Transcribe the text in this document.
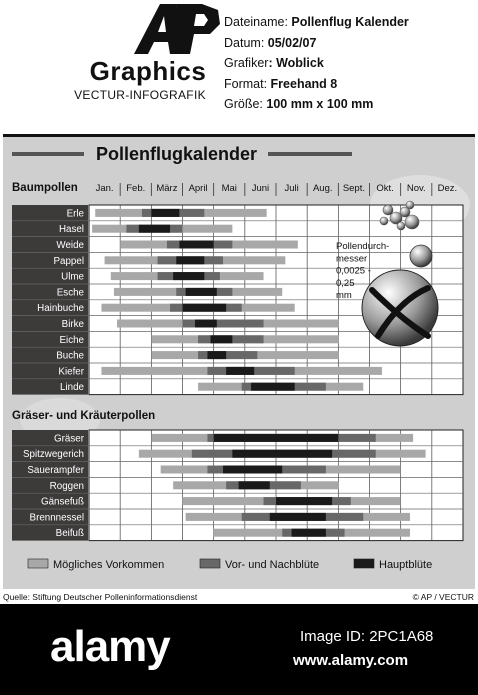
Graphics
VECTUR-INFOGRAFIK
Dateiname: Pollenflug Kalender
Datum: 05/02/07
Grafiker: Woblick
Format: Freehand 8
Größe: 100 mm x 100 mm
Pollenflugkalender
Jan. Feb. März April Mai Juni Juli Aug. Sept. Okt. Nov. Dez.
Baumpollen
Erle
Hasel
Weide
Pappel
Ulme
Esche
Hainbuche
Birke
Eiche
Buche
Kiefer
Linde
Gräser- und Kräuterpollen
Gräser
Spitzwegerich
Sauerampfer
Roggen
Gänsefuß
Brennnessel
Beifuß
Pollendurch-
messer
0,0025 -
0,25
mm
Mögliches Vorkommen	Vor- und Nachblüte	Hauptblüte
Quelle: Stiftung Deutscher Polleninformationsdienst	© AP / VECTUR
alamy	Image ID: 2PC1A68
www.alamy.com
